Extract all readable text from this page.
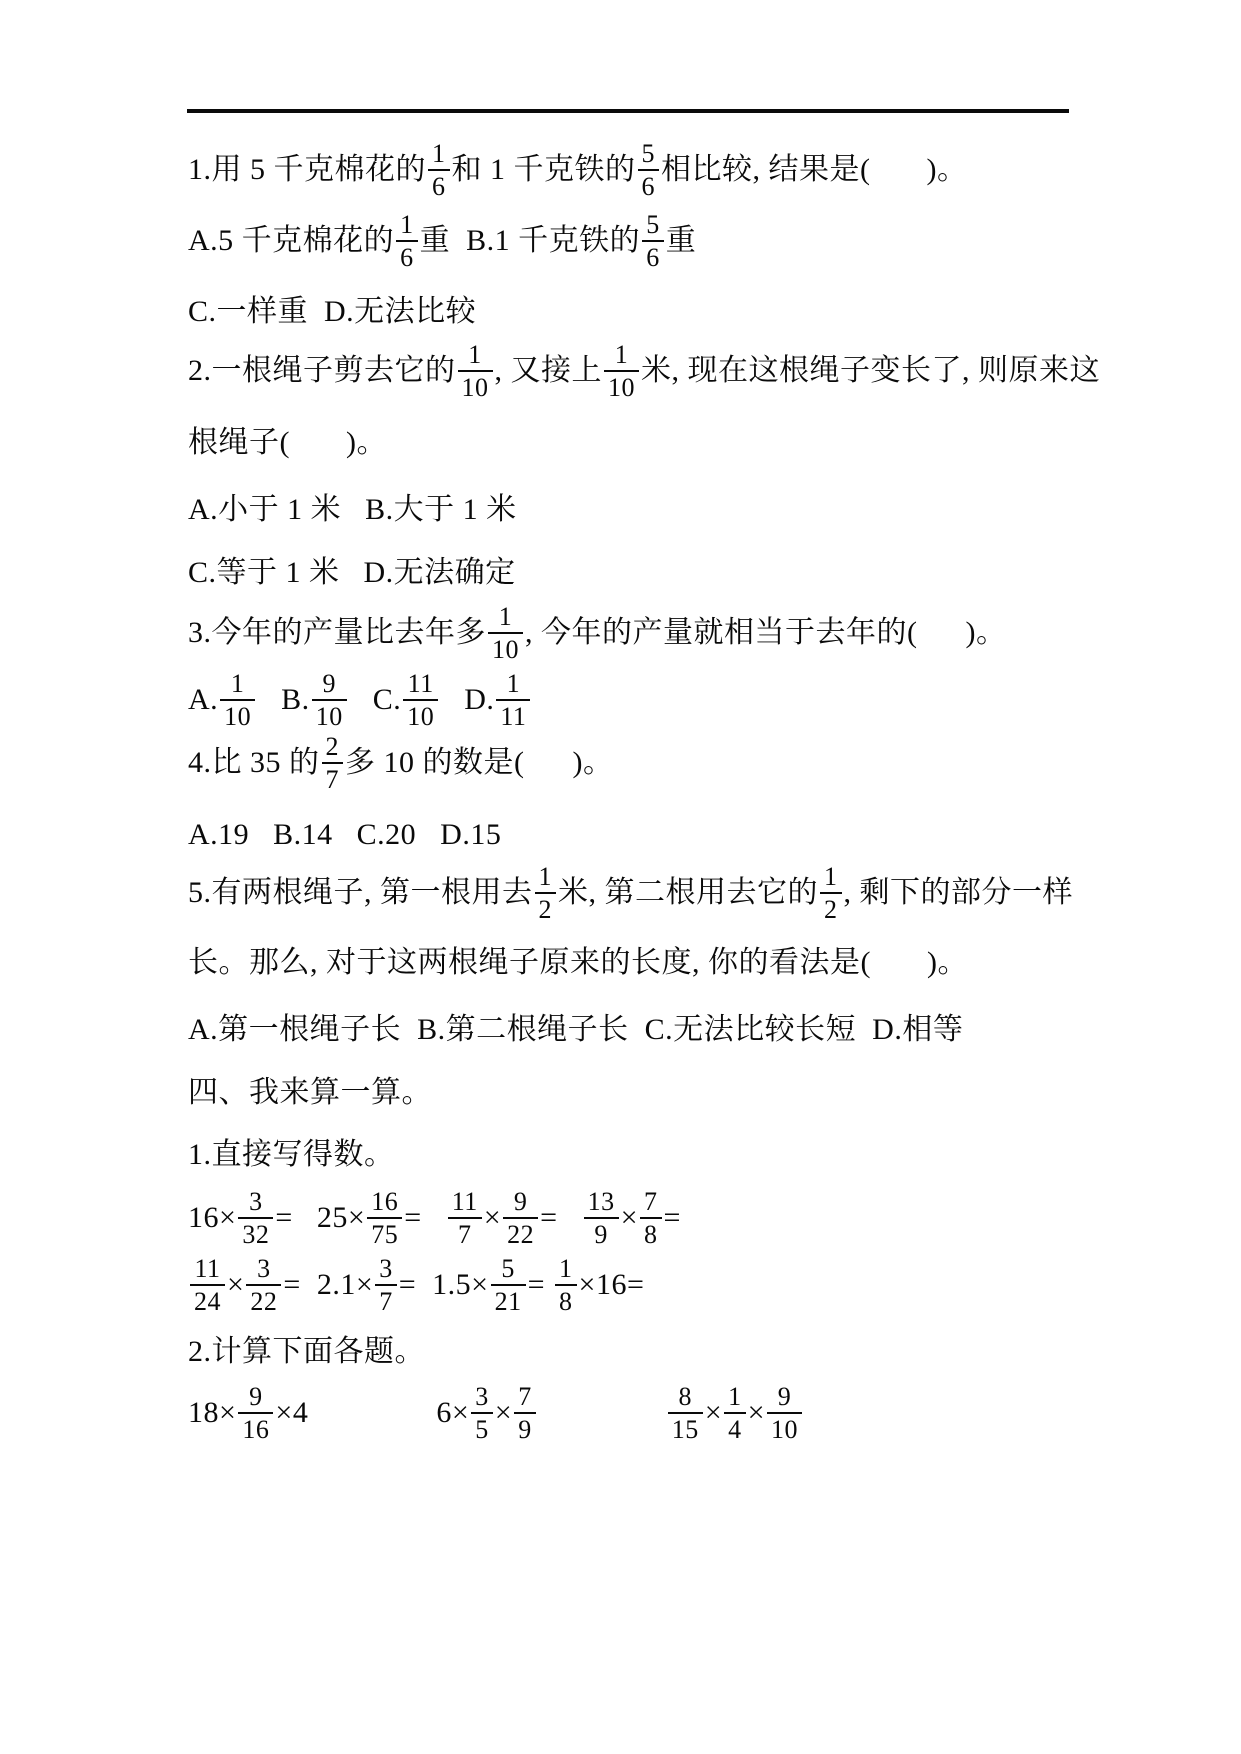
1.用 5 千克棉花的 $\frac{1}{6}$ 和 1 千克铁的 $\frac{5}{6}$ 相比较, 结果是(       )。
A.5 千克棉花的 $\frac{1}{6}$ 重  B.1 千克铁的 $\frac{5}{6}$ 重
C.一样重  D.无法比较
2.一根绳子剪去它的 $\frac{1}{10}$ , 又接上 $\frac{1}{10}$ 米, 现在这根绳子变长了, 则原来这
根绳子(       )。
A.小于 1 米   B.大于 1 米
C.等于 1 米   D.无法确定
3.今年的产量比去年多 $\frac{1}{10}$ , 今年的产量就相当于去年的(      )。
A. $\frac{1}{10} B$. $\frac{9}{10} C$. $\frac{11}{10} D$. $\frac{1}{11}$
4.比 35 的 $\frac{2}{7}$ 多 10 的数是(      )。
A.19   B.14   C.20   D.15
5.有两根绳子, 第一根用去 $\frac{1}{2}$ 米, 第二根用去它的 $\frac{1}{2}$ , 剩下的部分一样
长。那么, 对于这两根绳子原来的长度, 你的看法是(       )。
A.第一根绳子长  B.第二根绳子长  C.无法比较长短  D.相等
四、我来算一算。
1.直接写得数。
$16\times \frac{3}{32} = 25\times \frac{16}{75} = \frac{11}{7} \times \frac{9}{22} = \frac{13}{9} \times \frac{7}{8}$ =
$\frac{11}{24} \times \frac{3}{22} = 2.1\times \frac{3}{7} = 1.5\times \frac{5}{21} = \frac{1}{8} \times 16=$
2.计算下面各题。
$18\times \frac{9}{16} \times 4$
	$6\times \frac{3}{5} \times \frac{7}{9}$
	$\frac{8}{15} \times \frac{1}{4} \times \frac{9}{10}$
